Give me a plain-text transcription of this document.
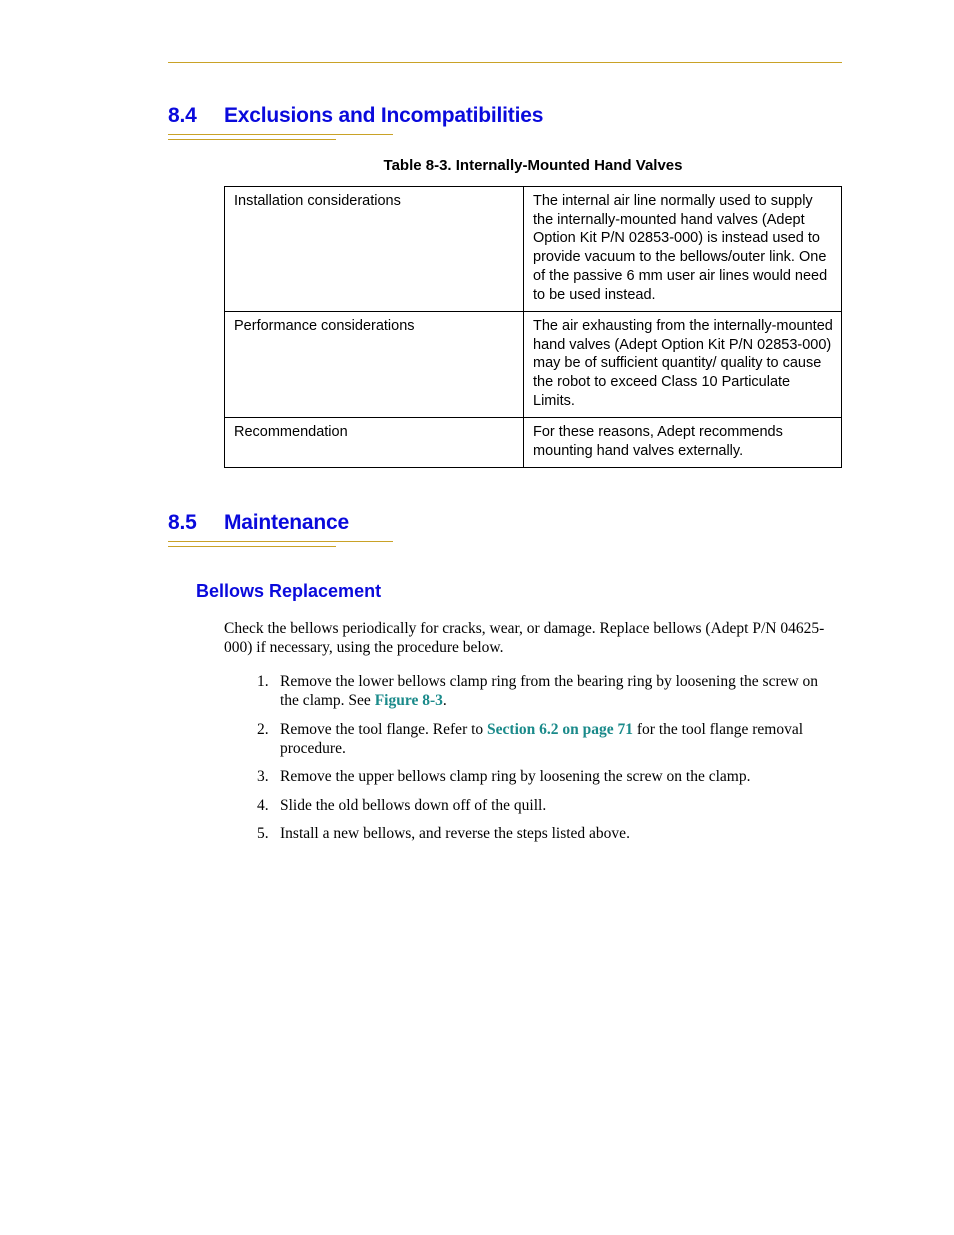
8.4 Exclusions and Incompatibilities

Table 8-3. Internally-Mounted Hand Valves

Installation considerations	The internal air line normally used to supply the internally-mounted hand valves (Adept Option Kit P/N 02853-000) is instead used to provide vacuum to the bellows/outer link. One of the passive 6 mm user air lines would need to be used instead.
Performance considerations	The air exhausting from the internally-mounted hand valves (Adept Option Kit P/N 02853-000) may be of sufficient quantity/ quality to cause the robot to exceed Class 10 Particulate Limits.
Recommendation	For these reasons, Adept recommends mounting hand valves externally.
8.5 Maintenance
Bellows Replacement

Check the bellows periodically for cracks, wear, or damage. Replace bellows (Adept P/N 04625-000) if necessary, using the procedure below.

1. Remove the lower bellows clamp ring from the bearing ring by loosening the screw on the clamp. See Figure 8-3.
2. Remove the tool flange. Refer to Section 6.2 on page 71 for the tool flange removal procedure.
3. Remove the upper bellows clamp ring by loosening the screw on the clamp.
4. Slide the old bellows down off of the quill.
5. Install a new bellows, and reverse the steps listed above.
